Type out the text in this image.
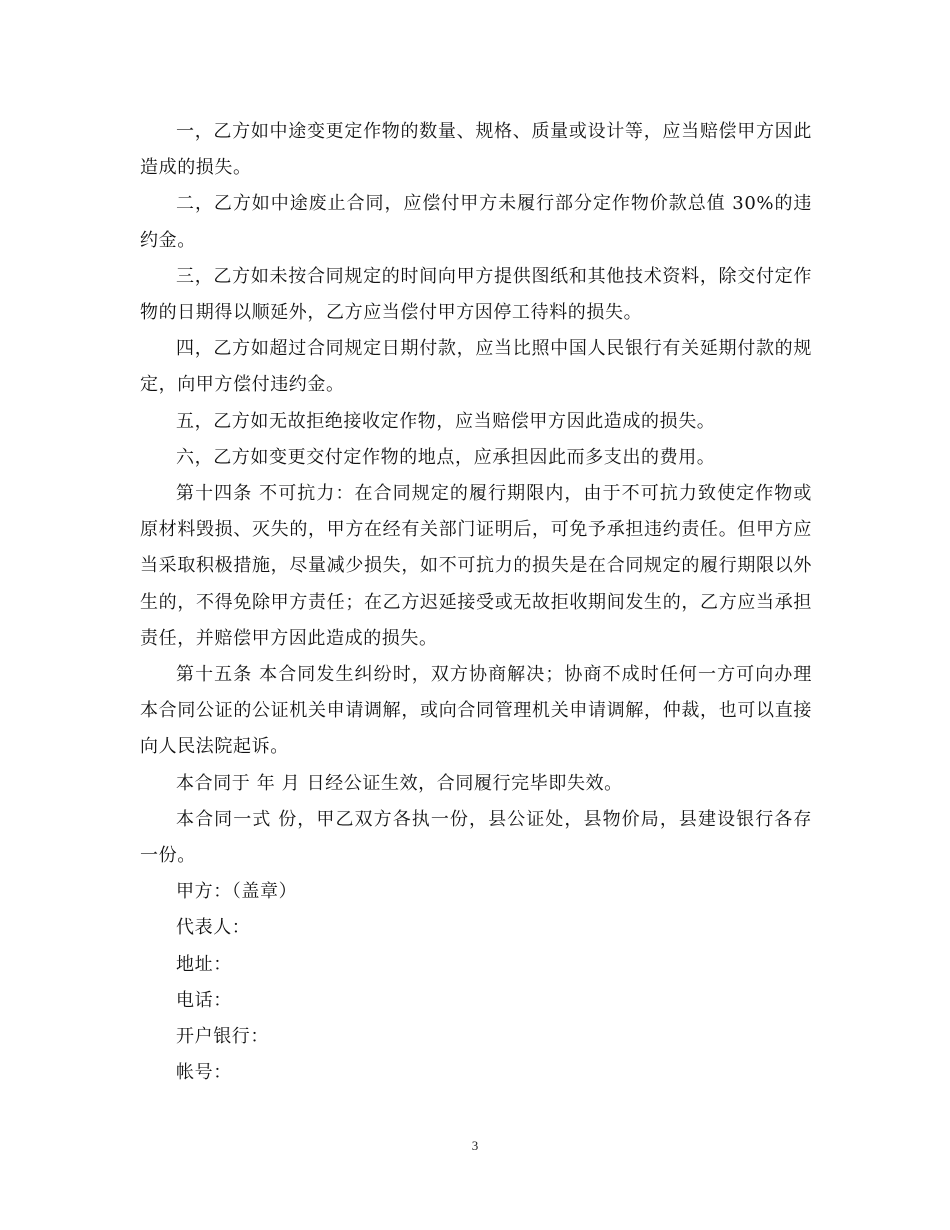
一，乙方如中途变更定作物的数量、规格、质量或设计等，应当赔偿甲方因此造成的损失。

二，乙方如中途废止合同，应偿付甲方未履行部分定作物价款总值 30%的违约金。

三，乙方如未按合同规定的时间向甲方提供图纸和其他技术资料，除交付定作物的日期得以顺延外，乙方应当偿付甲方因停工待料的损失。

四，乙方如超过合同规定日期付款，应当比照中国人民银行有关延期付款的规定，向甲方偿付违约金。

五，乙方如无故拒绝接收定作物，应当赔偿甲方因此造成的损失。

六，乙方如变更交付定作物的地点，应承担因此而多支出的费用。

第十四条 不可抗力：在合同规定的履行期限内，由于不可抗力致使定作物或原材料毁损、灭失的，甲方在经有关部门证明后，可免予承担违约责任。但甲方应当采取积极措施，尽量减少损失，如不可抗力的损失是在合同规定的履行期限以外生的，不得免除甲方责任；在乙方迟延接受或无故拒收期间发生的，乙方应当承担责任，并赔偿甲方因此造成的损失。

第十五条 本合同发生纠纷时，双方协商解决；协商不成时任何一方可向办理本合同公证的公证机关申请调解，或向合同管理机关申请调解，仲裁，也可以直接向人民法院起诉。

本合同于 年 月 日经公证生效，合同履行完毕即失效。

本合同一式 份，甲乙双方各执一份，县公证处，县物价局，县建设银行各存一份。

甲方：（盖章）

代表人：

地址：

电话：

开户银行：

帐号：

3
